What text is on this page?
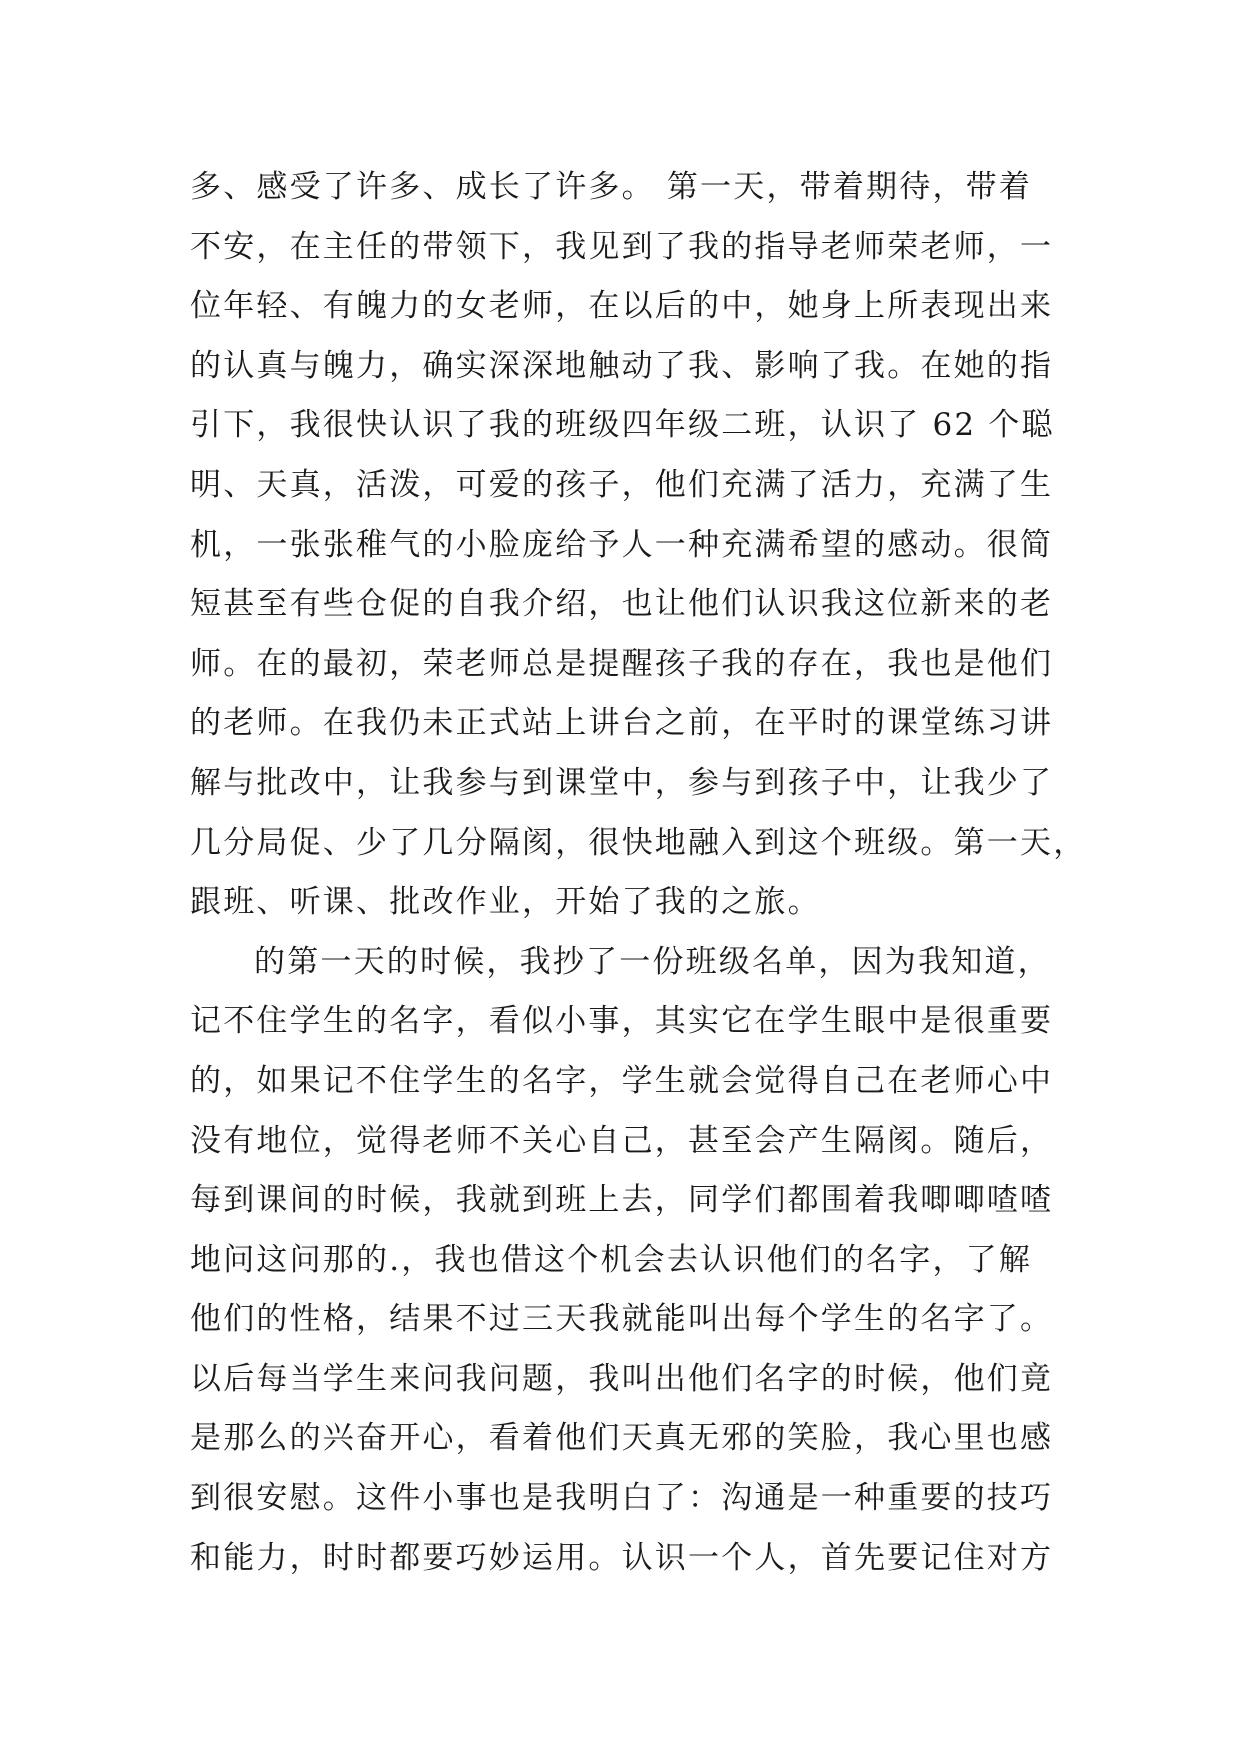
多、感受了许多、成长了许多。 第一天，带着期待，带着
不安，在主任的带领下，我见到了我的指导老师荣老师，一
位年轻、有魄力的女老师，在以后的中，她身上所表现出来
的认真与魄力，确实深深地触动了我、影响了我。在她的指
引下，我很快认识了我的班级四年级二班，认识了 62 个聪
明、天真，活泼，可爱的孩子，他们充满了活力，充满了生
机，一张张稚气的小脸庞给予人一种充满希望的感动。很简
短甚至有些仓促的自我介绍，也让他们认识我这位新来的老
师。在的最初，荣老师总是提醒孩子我的存在，我也是他们
的老师。在我仍未正式站上讲台之前，在平时的课堂练习讲
解与批改中，让我参与到课堂中，参与到孩子中，让我少了
几分局促、少了几分隔阂，很快地融入到这个班级。第一天，
跟班、听课、批改作业，开始了我的之旅。
的第一天的时候，我抄了一份班级名单，因为我知道，
记不住学生的名字，看似小事，其实它在学生眼中是很重要
的，如果记不住学生的名字，学生就会觉得自己在老师心中
没有地位，觉得老师不关心自己，甚至会产生隔阂。随后，
每到课间的时候，我就到班上去，同学们都围着我唧唧喳喳
地问这问那的.，我也借这个机会去认识他们的名字，了解
他们的性格，结果不过三天我就能叫出每个学生的名字了。
以后每当学生来问我问题，我叫出他们名字的时候，他们竟
是那么的兴奋开心，看着他们天真无邪的笑脸，我心里也感
到很安慰。这件小事也是我明白了：沟通是一种重要的技巧
和能力，时时都要巧妙运用。认识一个人，首先要记住对方
